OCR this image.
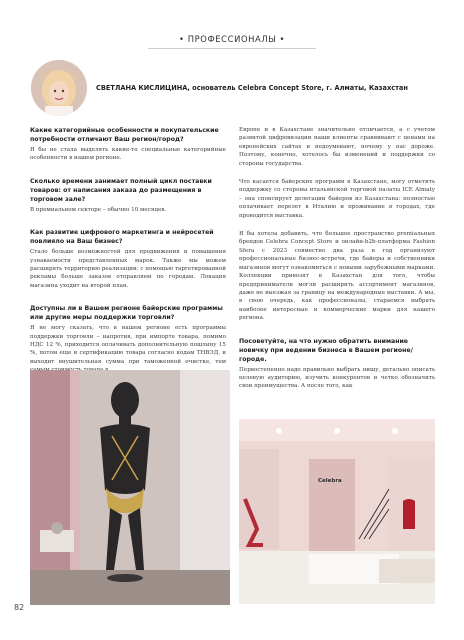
• ПРОФЕССИОНАЛЫ •
СВЕТЛАНА КИСЛИЦИНА, основатель Celebra Concept Store, г. Алматы, Казахстан
Какие категорийные особенности и покупательские потребности отличают Ваш регион/город?
Я бы не стала выделять какие-то специальные категорийные особенности в нашем регионе.
Сколько времени занимает полный цикл поставки товаров: от написания заказа до размещения в торговом зале?
В премиальном секторе – обычно 10 месяцев.
Как развитие цифрового маркетинга и нейросетей повлияло на Ваш бизнес?
Стало больше возможностей для продвижения и повышения узнаваемости представленных марок. Также мы можем расширять территорию реализации: с помощью таргетированной рекламы больше заказов отправляем по городам. Локация магазина уходит на второй план.
Доступны ли в Вашем регионе байерские программы или другие меры поддержки торговли?
Я не могу сказать, что в нашем регионе есть программы поддержки торговли – напротив, при импорте товара, помимо НДС 12 %, приходится оплачивать дополнительную пошлину 15 %, потом еще и сертификацию товара согласно кодам ТНВЭД, и выходит внушительная сумма при таможенной очистке, тем
Европе и в Казахстане значительно отличается, а с учетом развитой цифровизации наши клиенты сравнивают с ценами на европейских сайтах и недоумевают, почему у нас дороже. Поэтому, конечно, хотелось бы изменений и поддержки со стороны государства.
Что касается байерских программ в Казахстане, могу отметить поддержку со стороны итальянской торговой палаты ICE Almaty – она спонсирует делегации байеров из Казахстана: полностью оплачивает перелет в Италию и проживание в городах, где проводится выставка.
Я бы хотела добавить, что большое пространство premiальных брендов Celebra Concept Store и онлайн-b2b-платформа Fashion Sfera с 2023 совместно два раза в год организуют профессиональные бизнес-встречи, где байеры и собственники магазинов могут ознакомиться с новыми зарубежными марками. Коллекции привозят в Казахстан для того, чтобы предприниматели могли расширить ассортимент магазинов, даже не выезжая за границу на международные выставки. А мы, в свою очередь, как профессионалы, стараемся выбрать наиболее интересные и коммерческие марки для нашего региона.
Посоветуйте, на что нужно обратить внимание новичку при ведении бизнеса в Вашем регионе/городе.
Первостепенно надо правильно выбрать нишу, детально описать целевую аудиторию, изучить конкурентов и четко обозначить свои преимущества. А после того, как
Celebra
82
